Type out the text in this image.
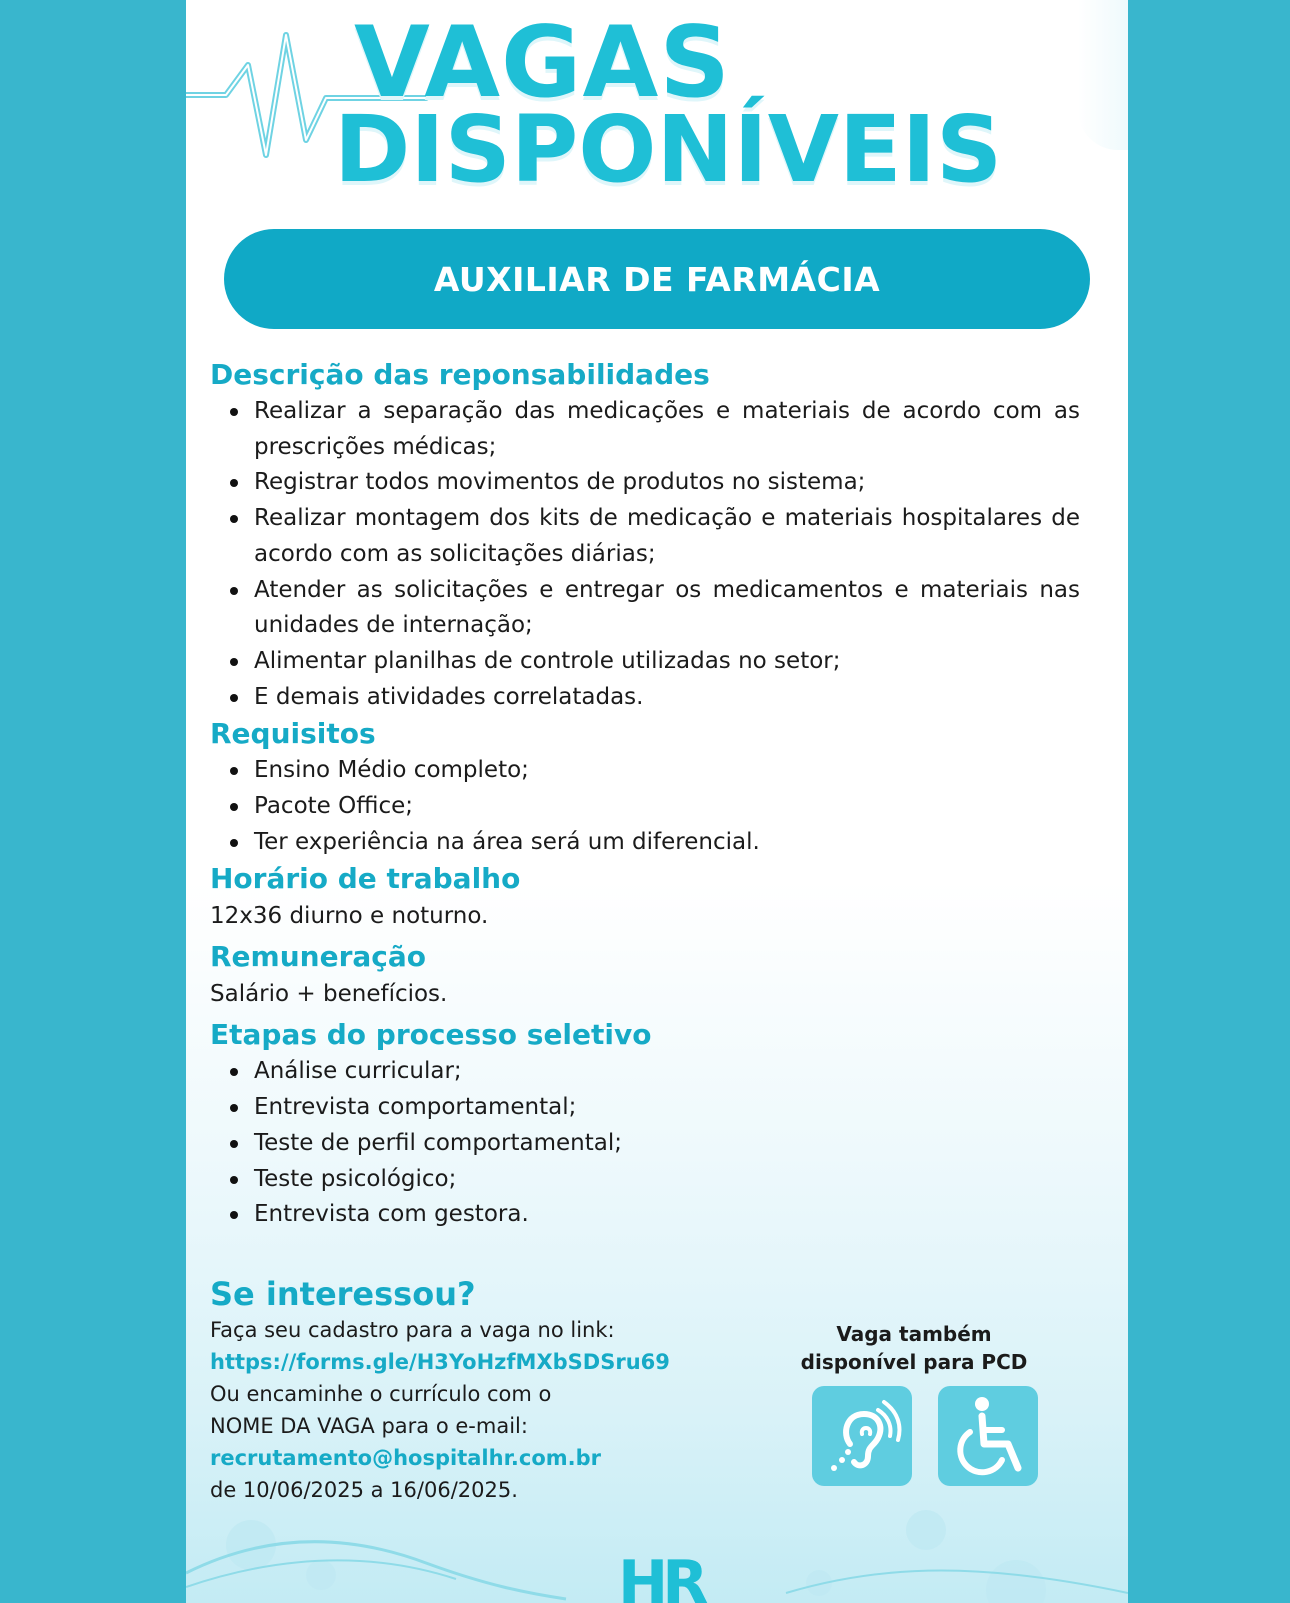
VAGAS
DISPONÍVEIS
AUXILIAR DE FARMÁCIA
Descrição das reponsabilidades
Realizar a separação das medicações e materiais de acordo com as prescrições médicas;
Registrar todos movimentos de produtos no sistema;
Realizar montagem dos kits de medicação e materiais hospitalares de acordo com as solicitações diárias;
Atender as solicitações e entregar os medicamentos e materiais nas unidades de internação;
Alimentar planilhas de controle utilizadas no setor;
E demais atividades correlatadas.
Requisitos
Ensino Médio completo;
Pacote Office;
Ter experiência na área será um diferencial.
Horário de trabalho

12x36 diurno e noturno.

Remuneração

Salário + benefícios.

Etapas do processo seletivo
Análise curricular;
Entrevista comportamental;
Teste de perfil comportamental;
Teste psicológico;
Entrevista com gestora.
Se interessou?

Faça seu cadastro para a vaga no link:

https://forms.gle/H3YoHzfMXbSDSru69

Ou encaminhe o currículo com o

NOME DA VAGA para o e-mail:

recrutamento@hospitalhr.com.br

de 10/06/2025 a 16/06/2025.

Vaga também
disponível para PCD
HR
